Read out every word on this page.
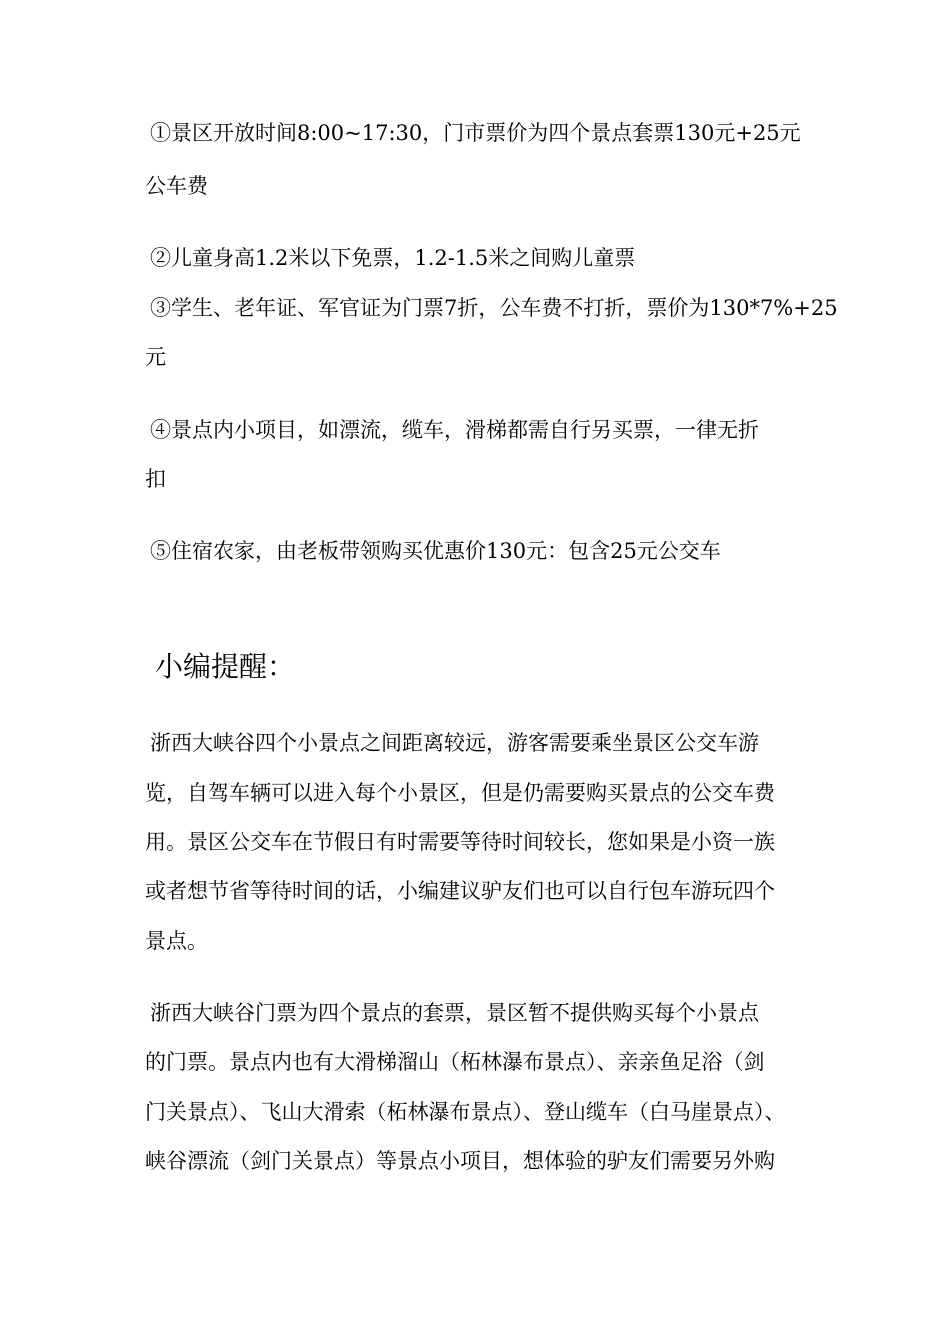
①景区开放时间8:00~17:30，门市票价为四个景点套票130元+25元
公车费
②儿童身高1.2米以下免票，1.2-1.5米之间购儿童票
③学生、老年证、军官证为门票7折，公车费不打折，票价为130*7%+25
元
④景点内小项目，如漂流，缆车，滑梯都需自行另买票，一律无折
扣
⑤住宿农家，由老板带领购买优惠价130元：包含25元公交车
小编提醒：
浙西大峡谷四个小景点之间距离较远，游客需要乘坐景区公交车游
览，自驾车辆可以进入每个小景区，但是仍需要购买景点的公交车费
用。景区公交车在节假日有时需要等待时间较长，您如果是小资一族
或者想节省等待时间的话，小编建议驴友们也可以自行包车游玩四个
景点。
浙西大峡谷门票为四个景点的套票，景区暂不提供购买每个小景点
的门票。景点内也有大滑梯溜山（柘林瀑布景点）、亲亲鱼足浴（剑
门关景点）、飞山大滑索（柘林瀑布景点）、登山缆车（白马崖景点）、
峡谷漂流（剑门关景点）等景点小项目，想体验的驴友们需要另外购
